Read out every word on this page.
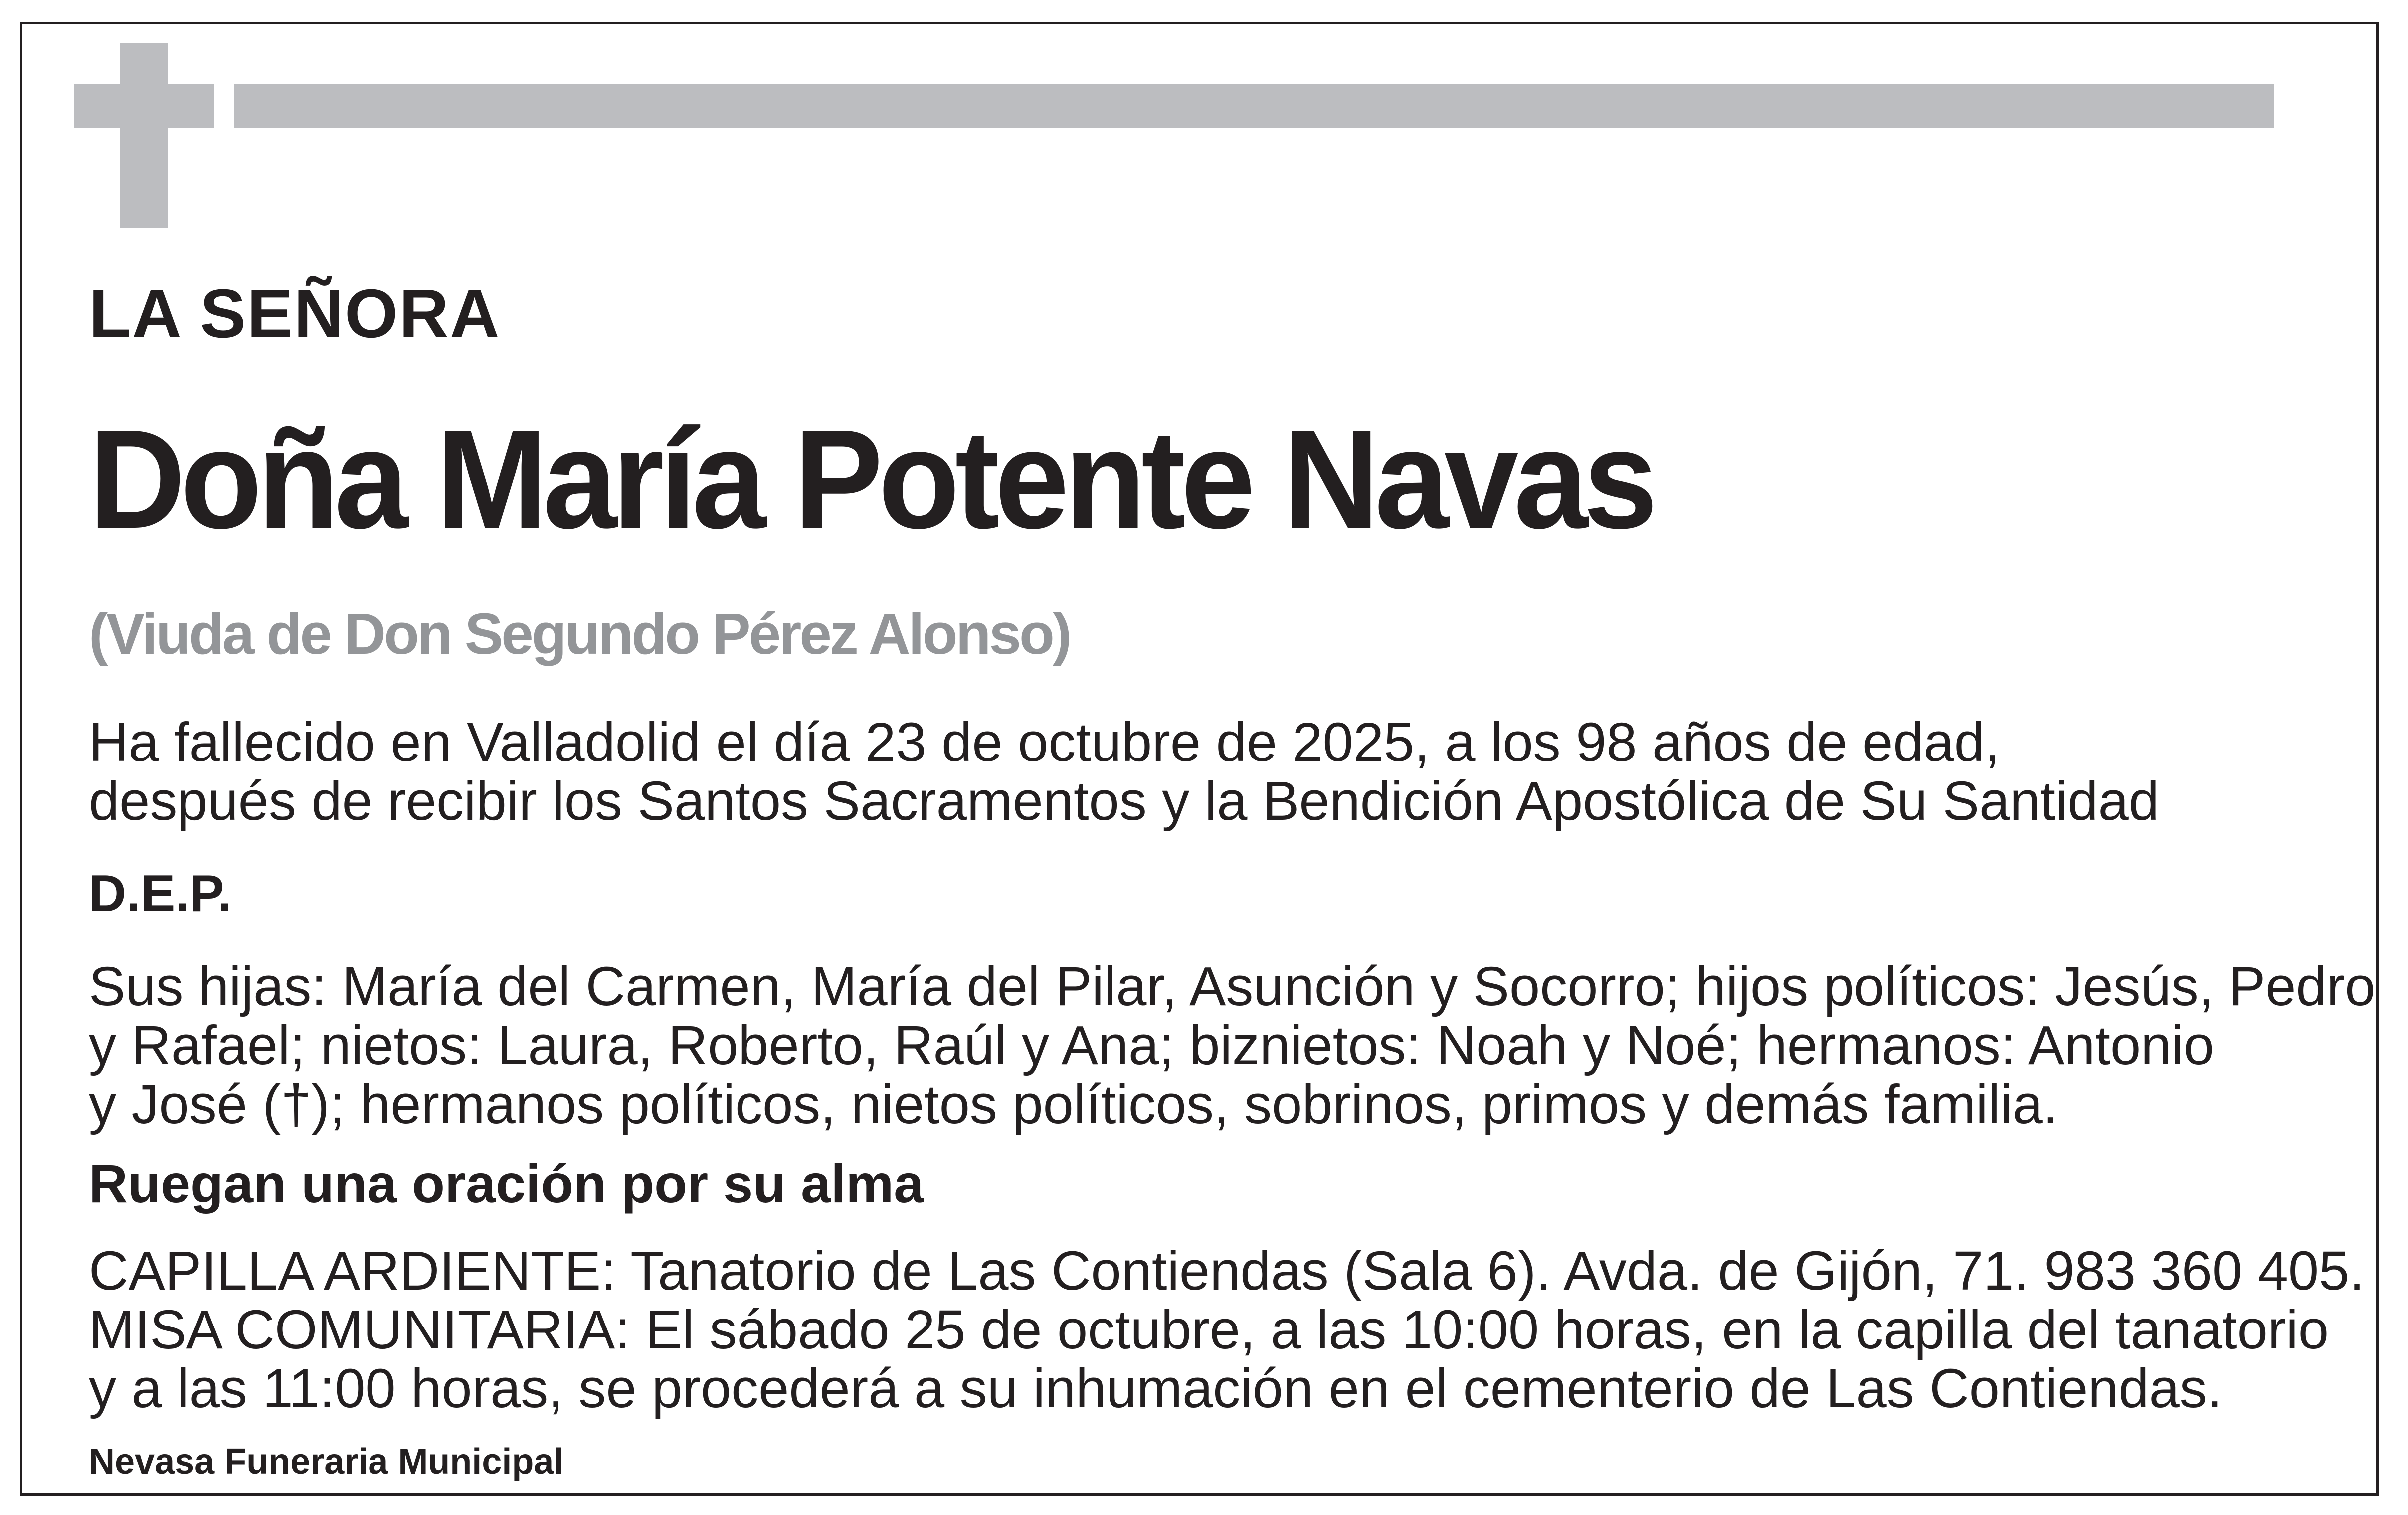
LA SEÑORA

Doña María Potente Navas

(Viuda de Don Segundo Pérez Alonso)

Ha fallecido en Valladolid el día 23 de octubre de 2025, a los 98 años de edad,
después de recibir los Santos Sacramentos y la Bendición Apostólica de Su Santidad

D.E.P.

Sus hijas: María del Carmen, María del Pilar, Asunción y Socorro; hijos políticos: Jesús, Pedro
y Rafael; nietos: Laura, Roberto, Raúl y Ana; biznietos: Noah y Noé; hermanos: Antonio
y José (†); hermanos políticos, nietos políticos, sobrinos, primos y demás familia.

Ruegan una oración por su alma

CAPILLA ARDIENTE: Tanatorio de Las Contiendas (Sala 6). Avda. de Gijón, 71. 983 360 405.
MISA COMUNITARIA: El sábado 25 de octubre, a las 10:00 horas, en la capilla del tanatorio
y a las 11:00 horas, se procederá a su inhumación en el cementerio de Las Contiendas.

Nevasa Funeraria Municipal
